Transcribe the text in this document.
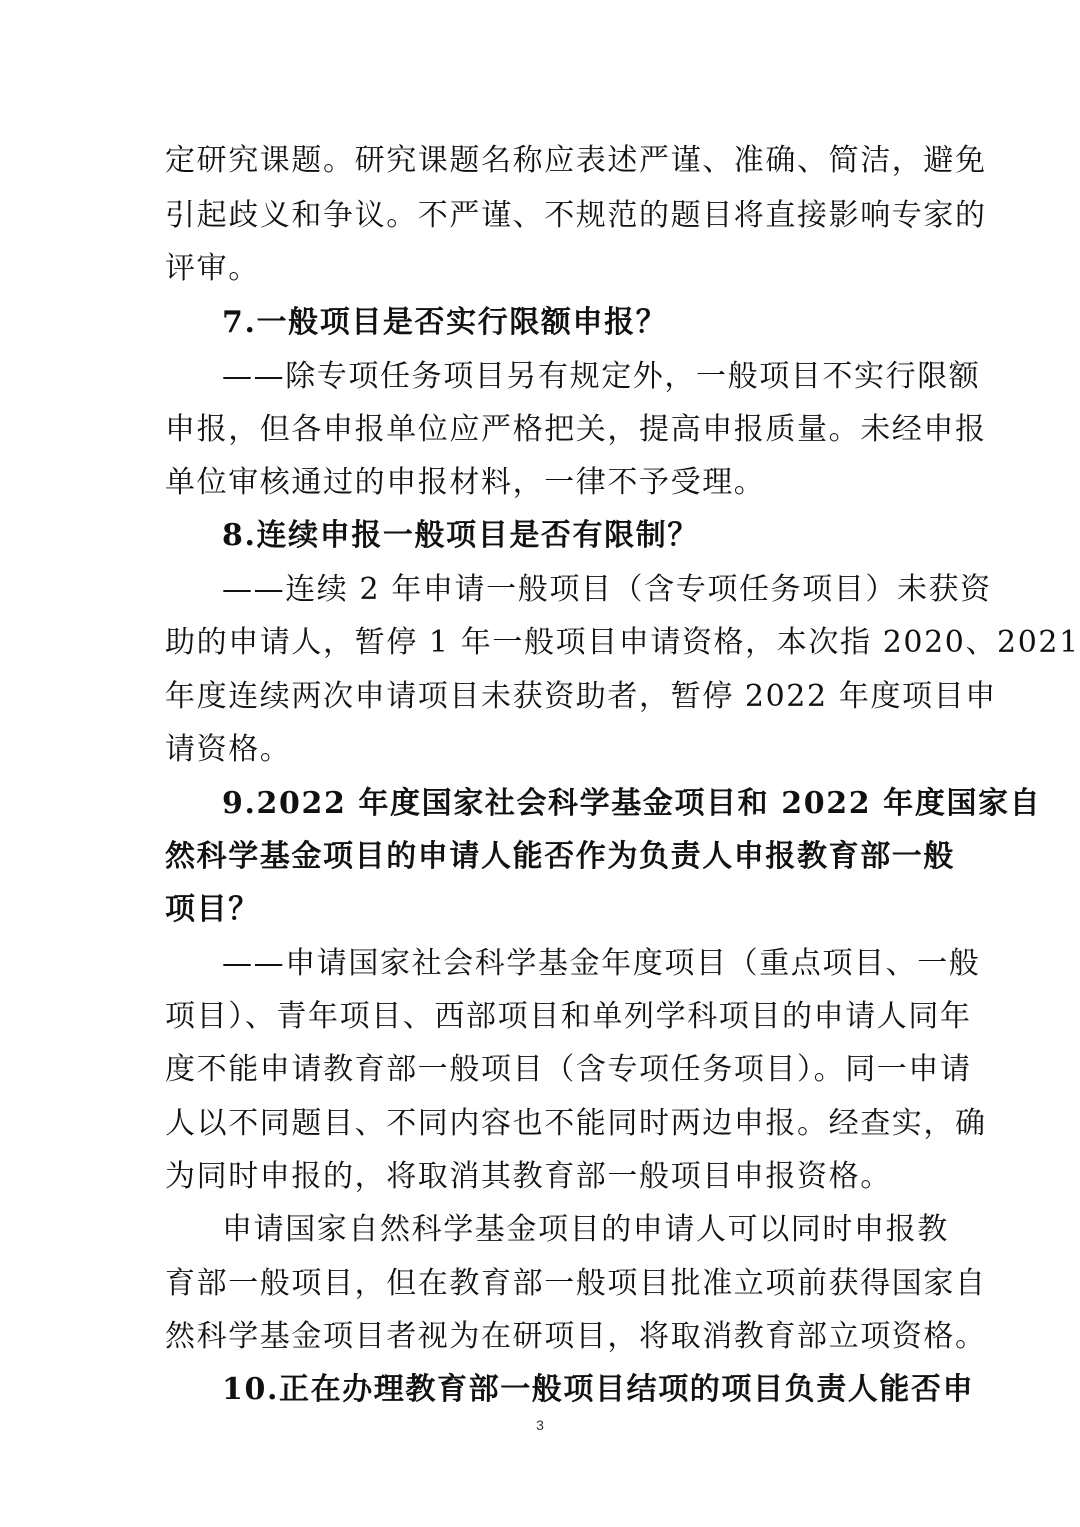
定研究课题。研究课题名称应表述严谨、准确、简洁，避免
引起歧义和争议。不严谨、不规范的题目将直接影响专家的
评审。
7.一般项目是否实行限额申报？
——除专项任务项目另有规定外，一般项目不实行限额
申报，但各申报单位应严格把关，提高申报质量。未经申报
单位审核通过的申报材料，一律不予受理。
8.连续申报一般项目是否有限制？
——连续 2 年申请一般项目（含专项任务项目）未获资
助的申请人，暂停 1 年一般项目申请资格，本次指 2020、2021
年度连续两次申请项目未获资助者，暂停 2022 年度项目申
请资格。
9.2022 年度国家社会科学基金项目和 2022 年度国家自
然科学基金项目的申请人能否作为负责人申报教育部一般
项目？
——申请国家社会科学基金年度项目（重点项目、一般
项目）、青年项目、西部项目和单列学科项目的申请人同年
度不能申请教育部一般项目（含专项任务项目）。同一申请
人以不同题目、不同内容也不能同时两边申报。经查实，确
为同时申报的，将取消其教育部一般项目申报资格。
申请国家自然科学基金项目的申请人可以同时申报教
育部一般项目，但在教育部一般项目批准立项前获得国家自
然科学基金项目者视为在研项目，将取消教育部立项资格。
10.正在办理教育部一般项目结项的项目负责人能否申
3
